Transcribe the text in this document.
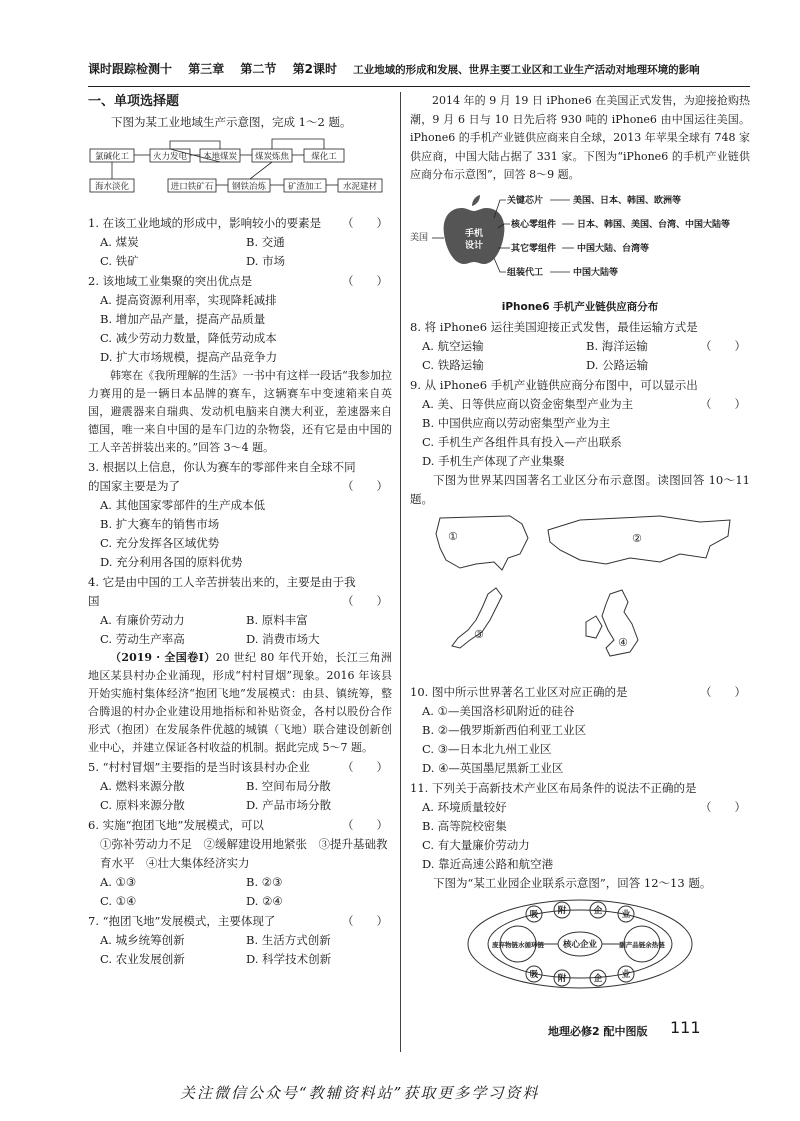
课时跟踪检测十 第三章 第二节 第2课时 工业地域的形成和发展、世界主要工业区和工业生产活动对地理环境的影响
一、单项选择题
下图为某工业地域生产示意图，完成 1～2 题。
氯碱化工	火力发电 本地煤炭 煤炭炼焦	煤化工
海水淡化	进口铁矿石 钢铁冶炼	矿渣加工 水泥建材
1. 在该工业地域的形成中，影响较小的要素是 （　　）
A. 煤炭	B. 交通
C. 铁矿	D. 市场
2. 该地域工业集聚的突出优点是	（　　）
A. 提高资源利用率，实现降耗减排
B. 增加产品产量，提高产品质量
C. 减少劳动力数量，降低劳动成本
D. 扩大市场规模，提高产品竞争力
韩寒在《我所理解的生活》一书中有这样一段话“我参加拉力赛用的是一辆日本品牌的赛车，这辆赛车中变速箱来自英国，避震器来自瑞典、发动机电脑来自澳大利亚，差速器来自德国，唯一来自中国的是车门边的杂物袋，还有它是由中国的工人辛苦拼装出来的。”回答 3～4 题。
3. 根据以上信息，你认为赛车的零部件来自全球不同的国家主要是为了	（　　）
A. 其他国家零部件的生产成本低
B. 扩大赛车的销售市场
C. 充分发挥各区域优势
D. 充分利用各国的原料优势
4. 它是由中国的工人辛苦拼装出来的，主要是由于我国	（　　）
A. 有廉价劳动力	B. 原料丰富
C. 劳动生产率高	D. 消费市场大
（2019 · 全国卷Ⅰ）20 世纪 80 年代开始，长江三角洲地区某县村办企业涌现，形成“村村冒烟”现象。2016 年该县开始实施村集体经济“抱团飞地”发展模式：由县、镇统筹，整合腾退的村办企业建设用地指标和补贴资金，各村以股份合作形式（抱团）在发展条件优越的城镇（飞地）联合建设创新创业中心，并建立保证各村收益的机制。据此完成 5～7 题。
5. “村村冒烟”主要指的是当时该县村办企业	（　　）
A. 燃料来源分散	B. 空间布局分散
C. 原料来源分散	D. 产品市场分散
6. 实施“抱团飞地”发展模式，可以	（　　）
①弥补劳动力不足　②缓解建设用地紧张　③提升基础教育水平　④壮大集体经济实力
A. ①③	B. ②③
C. ①④	D. ②④
7. “抱团飞地”发展模式，主要体现了	（　　）
A. 城乡统筹创新	B. 生活方式创新
C. 农业发展创新	D. 科学技术创新
2014 年的 9 月 19 日 iPhone6 在美国正式发售，为迎接抢购热潮，9 月 6 日与 10 日先后将 930 吨的 iPhone6 由中国运往美国。iPhone6 的手机产业链供应商来自全球，2013 年苹果全球有 748 家供应商，中国大陆占据了 331 家。下图为“iPhone6 的手机产业链供应商分布示意图”，回答 8～9 题。
美国	手机
设计
关键芯片	美国、日本、韩国、欧洲等
核心零组件 日本、韩国、美国、台湾、中国大陆等
其它零组件 中国大陆、台湾等
组装代工	中国大陆等
iPhone6 手机产业链供应商分布
8. 将 iPhone6 运往美国迎接正式发售，最佳运输方式是
（　　）
A. 航空运输	B. 海洋运输
C. 铁路运输	D. 公路运输
9. 从 iPhone6 手机产业链供应商分布图中，可以显示出
（　　）
A. 美、日等供应商以资金密集型产业为主
B. 中国供应商以劳动密集型产业为主
C. 手机生产各组件具有投入—产出联系
D. 手机生产体现了产业集聚
下图为世界某四国著名工业区分布示意图。读图回答 10～11 题。
①	②
③
④
10. 图中所示世界著名工业区对应正确的是	（　　）
A. ①—美国洛杉矶附近的硅谷
B. ②—俄罗斯新西伯利亚工业区
C. ③—日本北九州工业区
D. ④—英国墨尼黑新工业区
11. 下列关于高新技术产业区布局条件的说法不正确的是
（　　）
A. 环境质量较好
B. 高等院校密集
C. 有大量廉价劳动力
D. 靠近高速公路和航空港
下图为“某工业园企业联系示意图”，回答 12～13 题。
吸 附	企 业
吸 附	企 业
核心企业
废弃物链水循环链	副产品链余热链
地理必修2 配中图版 111
关注微信公众号“教辅资料站”获取更多学习资料
